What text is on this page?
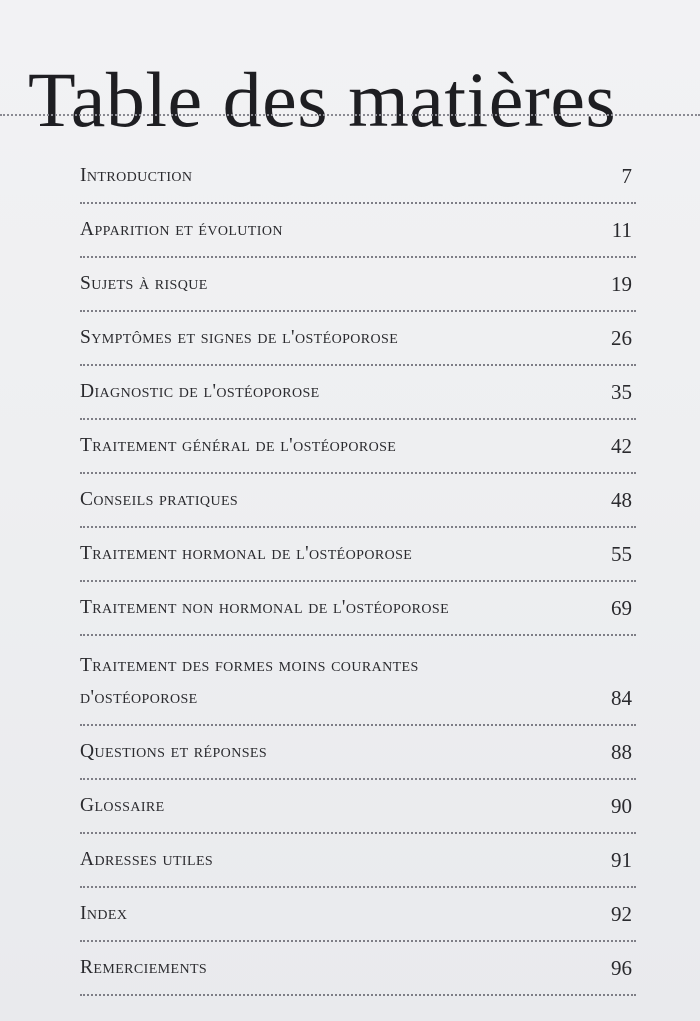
Table des matières
Introduction	7
Apparition et évolution	11
Sujets à risque	19
Symptômes et signes de l'ostéoporose	26
Diagnostic de l'ostéoporose	35
Traitement général de l'ostéoporose	42
Conseils pratiques	48
Traitement hormonal de l'ostéoporose	55
Traitement non hormonal de l'ostéoporose	69
Traitement des formes moins courantes
d'ostéoporose	84
Questions et réponses	88
Glossaire	90
Adresses utiles	91
Index	92
Remerciements	96
